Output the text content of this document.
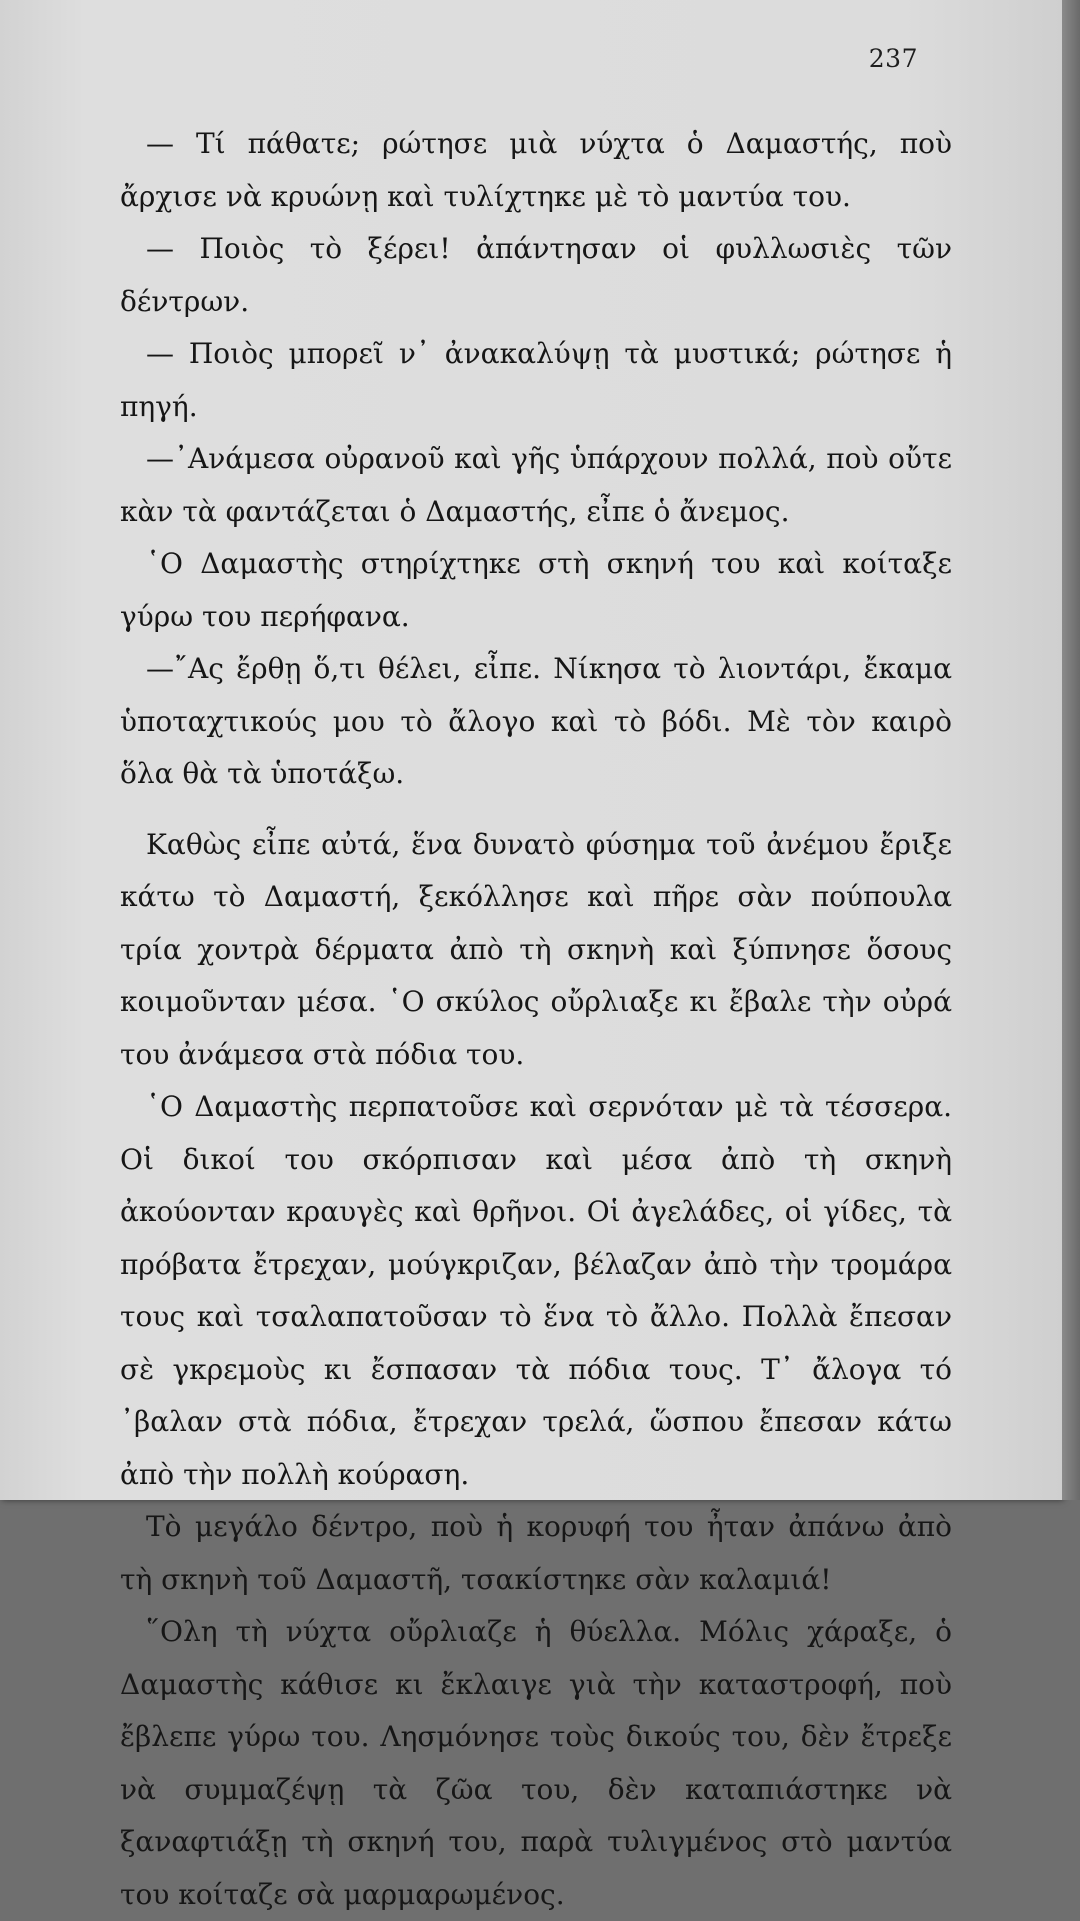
237

— Τί πάθατε; ρώτησε μιὰ νύχτα ὁ Δαμαστής, ποὺ ἄρχισε νὰ κρυώνῃ καὶ τυλίχτηκε μὲ τὸ μαντύα του.

— Ποιὸς τὸ ξέρει! ἀπάντησαν οἱ φυλλωσιὲς τῶν δέντρων.

— Ποιὸς μπορεῖ ν᾿ ἀνακαλύψῃ τὰ μυστικά; ρώτησε ἡ πηγή.

—᾿Ανάμεσα οὐρανοῦ καὶ γῆς ὑπάρχουν πολλά, ποὺ οὔτε κὰν τὰ φαντάζεται ὁ Δαμαστής, εἶπε ὁ ἄνεμος.

῾Ο Δαμαστὴς στηρίχτηκε στὴ σκηνή του καὶ κοίταξε γύρω του περήφανα.

—῎Ας ἔρθῃ ὅ,τι θέλει, εἶπε. Νίκησα τὸ λιοντάρι, ἔκαμα ὑποταχτικούς μου τὸ ἄλογο καὶ τὸ βόδι. Μὲ τὸν καιρὸ ὅλα θὰ τὰ ὑποτάξω.

Καθὼς εἶπε αὐτά, ἕνα δυνατὸ φύσημα τοῦ ἀνέμου ἔριξε κάτω τὸ Δαμαστή, ξεκόλλησε καὶ πῆρε σὰν πούπουλα τρία χοντρὰ δέρματα ἀπὸ τὴ σκηνὴ καὶ ξύπνησε ὅσους κοιμοῦνταν μέσα. ῾Ο σκύλος οὔρλιαξε κι ἔβαλε τὴν οὐρά του ἀνάμεσα στὰ πόδια του.

῾Ο Δαμαστὴς περπατοῦσε καὶ σερνόταν μὲ τὰ τέσσερα. Οἱ δικοί του σκόρπισαν καὶ μέσα ἀπὸ τὴ σκηνὴ ἀκούονταν κραυγὲς καὶ θρῆνοι. Οἱ ἀγελάδες, οἱ γίδες, τὰ πρόβατα ἔτρεχαν, μούγκριζαν, βέλαζαν ἀπὸ τὴν τρομάρα τους καὶ τσαλαπατοῦσαν τὸ ἕνα τὸ ἄλλο. Πολλὰ ἔπεσαν σὲ γκρεμοὺς κι ἔσπασαν τὰ πόδια τους. Τ᾿ ἄλογα τό ᾿βαλαν στὰ πόδια, ἔτρεχαν τρελά, ὥσπου ἔπεσαν κάτω ἀπὸ τὴν πολλὴ κούραση.

Τὸ μεγάλο δέντρο, ποὺ ἡ κορυφή του ἦταν ἀπάνω ἀπὸ τὴ σκηνὴ τοῦ Δαμαστῆ, τσακίστηκε σὰν καλαμιά!

῞Ολη τὴ νύχτα οὔρλιαζε ἡ θύελλα. Μόλις χάραξε, ὁ Δαμαστὴς κάθισε κι ἔκλαιγε γιὰ τὴν καταστροφή, ποὺ ἔβλεπε γύρω του. Λησμόνησε τοὺς δικούς του, δὲν ἔτρεξε νὰ συμμαζέψῃ τὰ ζῶα του, δὲν καταπιάστηκε νὰ ξαναφτιάξῃ τὴ σκηνή του, παρὰ τυλιγμένος στὸ μαντύα του κοίταζε σὰ μαρμαρωμένος.
